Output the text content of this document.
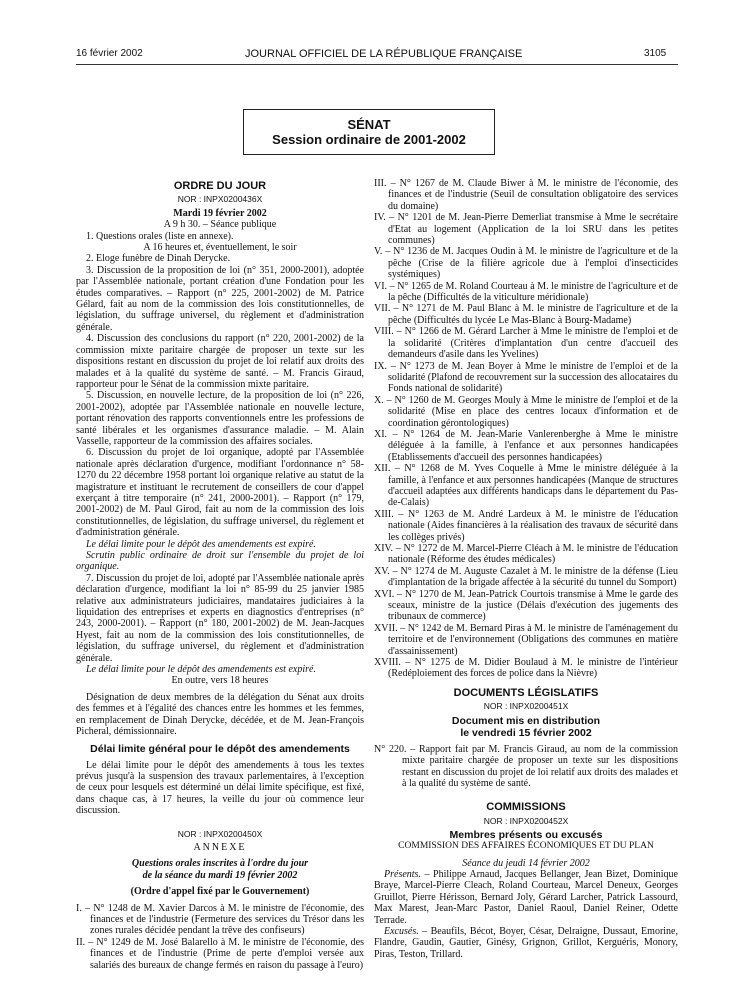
16 février 2002	JOURNAL OFFICIEL DE LA RÉPUBLIQUE FRANÇAISE	3105
SÉNAT
Session ordinaire de 2001-2002
ORDRE DU JOUR
NOR : INPX0200436X

Mardi 19 février 2002

A 9 h 30. – Séance publique

1. Questions orales (liste en annexe).

A 16 heures et, éventuellement, le soir

2. Eloge funèbre de Dinah Derycke.

3. Discussion de la proposition de loi (n° 351, 2000-2001), adoptée par l'Assemblée nationale, portant création d'une Fondation pour les études comparatives. – Rapport (n° 225, 2001-2002) de M. Patrice Gélard, fait au nom de la commission des lois constitutionnelles, de législation, du suffrage universel, du règlement et d'administration générale.

4. Discussion des conclusions du rapport (n° 220, 2001-2002) de la commission mixte paritaire chargée de proposer un texte sur les dispositions restant en discussion du projet de loi relatif aux droits des malades et à la qualité du système de santé. – M. Francis Giraud, rapporteur pour le Sénat de la commission mixte paritaire.

5. Discussion, en nouvelle lecture, de la proposition de loi (n° 226, 2001-2002), adoptée par l'Assemblée nationale en nouvelle lecture, portant rénovation des rapports conventionnels entre les professions de santé libérales et les organismes d'assurance maladie. – M. Alain Vasselle, rapporteur de la commission des affaires sociales.

6. Discussion du projet de loi organique, adopté par l'Assemblée nationale après déclaration d'urgence, modifiant l'ordonnance n° 58-1270 du 22 décembre 1958 portant loi organique relative au statut de la magistrature et instituant le recrutement de conseillers de cour d'appel exerçant à titre temporaire (n° 241, 2000-2001). – Rapport (n° 179, 2001-2002) de M. Paul Girod, fait au nom de la commission des lois constitutionnelles, de législation, du suffrage universel, du règlement et d'administration générale.

Le délai limite pour le dépôt des amendements est expiré.

Scrutin public ordinaire de droit sur l'ensemble du projet de loi organique.

7. Discussion du projet de loi, adopté par l'Assemblée nationale après déclaration d'urgence, modifiant la loi n° 85-99 du 25 janvier 1985 relative aux administrateurs judiciaires, mandataires judiciaires à la liquidation des entreprises et experts en diagnostics d'entreprises (n° 243, 2000-2001). – Rapport (n° 180, 2001-2002) de M. Jean-Jacques Hyest, fait au nom de la commission des lois constitutionnelles, de législation, du suffrage universel, du règlement et d'administration générale.

Le délai limite pour le dépôt des amendements est expiré.

En outre, vers 18 heures

Désignation de deux membres de la délégation du Sénat aux droits des femmes et à l'égalité des chances entre les hommes et les femmes, en remplacement de Dinah Derycke, décédée, et de M. Jean-François Picheral, démissionnaire.

Délai limite général pour le dépôt des amendements

Le délai limite pour le dépôt des amendements à tous les textes prévus jusqu'à la suspension des travaux parlementaires, à l'exception de ceux pour lesquels est déterminé un délai limite spécifique, est fixé, dans chaque cas, à 17 heures, la veille du jour où commence leur discussion.

NOR : INPX0200450X

ANNEXE

Questions orales inscrites à l'ordre du jour

de la séance du mardi 19 février 2002

(Ordre d'appel fixé par le Gouvernement)

I. – N° 1248 de M. Xavier Darcos à M. le ministre de l'économie, des finances et de l'industrie (Fermeture des services du Trésor dans les zones rurales décidée pendant la trêve des confiseurs)

II. – N° 1249 de M. José Balarello à M. le ministre de l'économie, des finances et de l'industrie (Prime de perte d'emploi versée aux salariés des bureaux de change fermés en raison du passage à l'euro)

III. – N° 1267 de M. Claude Biwer à M. le ministre de l'économie, des finances et de l'industrie (Seuil de consultation obligatoire des services du domaine)

IV. – N° 1201 de M. Jean-Pierre Demerliat transmise à Mme le secrétaire d'Etat au logement (Application de la loi SRU dans les petites communes)

V. – N° 1236 de M. Jacques Oudin à M. le ministre de l'agriculture et de la pêche (Crise de la filière agricole due à l'emploi d'insecticides systémiques)

VI. – N° 1265 de M. Roland Courteau à M. le ministre de l'agriculture et de la pêche (Difficultés de la viticulture méridionale)

VII. – N° 1271 de M. Paul Blanc à M. le ministre de l'agriculture et de la pêche (Difficultés du lycée Le Mas-Blanc à Bourg-Madame)

VIII. – N° 1266 de M. Gérard Larcher à Mme le ministre de l'emploi et de la solidarité (Critères d'implantation d'un centre d'accueil des demandeurs d'asile dans les Yvelines)

IX. – N° 1273 de M. Jean Boyer à Mme le ministre de l'emploi et de la solidarité (Plafond de recouvrement sur la succession des allocataires du Fonds national de solidarité)

X. – N° 1260 de M. Georges Mouly à Mme le ministre de l'emploi et de la solidarité (Mise en place des centres locaux d'information et de coordination gérontologiques)

XI. – N° 1264 de M. Jean-Marie Vanlerenberghe à Mme le ministre déléguée à la famille, à l'enfance et aux personnes handicapées (Etablissements d'accueil des personnes handicapées)

XII. – N° 1268 de M. Yves Coquelle à Mme le ministre déléguée à la famille, à l'enfance et aux personnes handicapées (Manque de structures d'accueil adaptées aux différents handicaps dans le département du Pas-de-Calais)

XIII. – N° 1263 de M. André Lardeux à M. le ministre de l'éducation nationale (Aides financières à la réalisation des travaux de sécurité dans les collèges privés)

XIV. – N° 1272 de M. Marcel-Pierre Cléach à M. le ministre de l'éducation nationale (Réforme des études médicales)

XV. – N° 1274 de M. Auguste Cazalet à M. le ministre de la défense (Lieu d'implantation de la brigade affectée à la sécurité du tunnel du Somport)

XVI. – N° 1270 de M. Jean-Patrick Courtois transmise à Mme le garde des sceaux, ministre de la justice (Délais d'exécution des jugements des tribunaux de commerce)

XVII. – N° 1242 de M. Bernard Piras à M. le ministre de l'aménagement du territoire et de l'environnement (Obligations des communes en matière d'assainissement)

XVIII. – N° 1275 de M. Didier Boulaud à M. le ministre de l'intérieur (Redéploiement des forces de police dans la Nièvre)

DOCUMENTS LÉGISLATIFS
NOR : INPX0200451X
Document mis en distribution
le vendredi 15 février 2002

N° 220. – Rapport fait par M. Francis Giraud, au nom de la commission mixte paritaire chargée de proposer un texte sur les dispositions restant en discussion du projet de loi relatif aux droits des malades et à la qualité du système de santé.

COMMISSIONS
NOR : INPX0200452X
Membres présents ou excusés

COMMISSION DES AFFAIRES ÉCONOMIQUES ET DU PLAN

Séance du jeudi 14 février 2002

Présents. – Philippe Arnaud, Jacques Bellanger, Jean Bizet, Dominique Braye, Marcel-Pierre Cleach, Roland Courteau, Marcel Deneux, Georges Gruillot, Pierre Hérisson, Bernard Joly, Gérard Larcher, Patrick Lassourd, Max Marest, Jean-Marc Pastor, Daniel Raoul, Daniel Reiner, Odette Terrade.

Excusés. – Beaufils, Bécot, Boyer, César, Delraigne, Dussaut, Emorine, Flandre, Gaudin, Gautier, Ginésy, Grignon, Grillot, Kerguéris, Monory, Piras, Teston, Trillard.
